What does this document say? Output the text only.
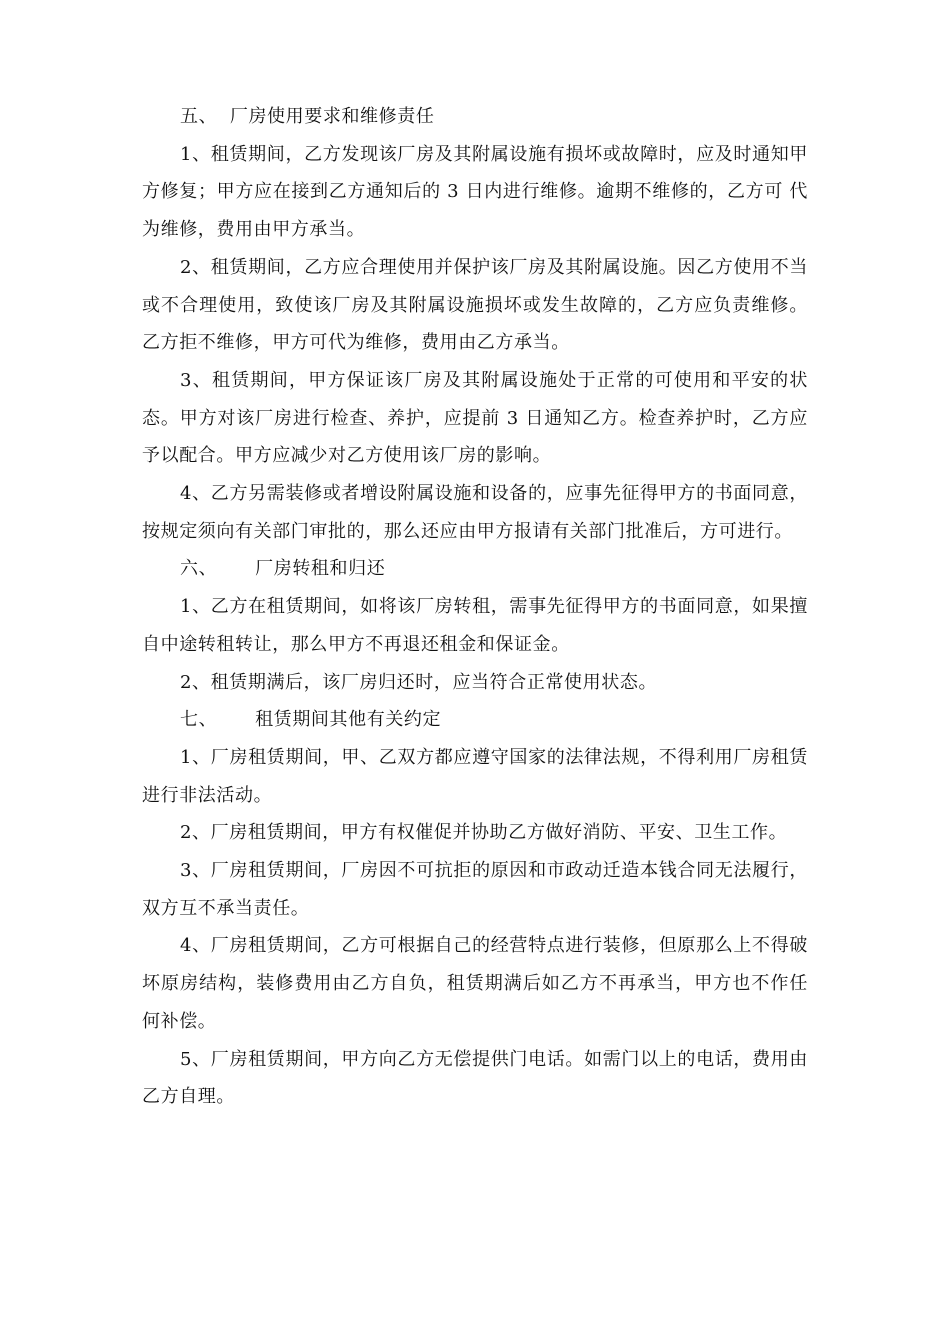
五、  厂房使用要求和维修责任

1、租赁期间，乙方发现该厂房及其附属设施有损坏或故障时，应及时通知甲方修复；甲方应在接到乙方通知后的 3 日内进行维修。逾期不维修的，乙方可 代为维修，费用由甲方承当。

2、租赁期间，乙方应合理使用并保护该厂房及其附属设施。因乙方使用不当或不合理使用，致使该厂房及其附属设施损坏或发生故障的，乙方应负责维修。乙方拒不维修，甲方可代为维修，费用由乙方承当。

3、租赁期间，甲方保证该厂房及其附属设施处于正常的可使用和平安的状态。甲方对该厂房进行检查、养护，应提前 3 日通知乙方。检查养护时，乙方应予以配合。甲方应减少对乙方使用该厂房的影响。

4、乙方另需装修或者增设附属设施和设备的，应事先征得甲方的书面同意，按规定须向有关部门审批的，那么还应由甲方报请有关部门批准后，方可进行。

六、      厂房转租和归还

1、乙方在租赁期间，如将该厂房转租，需事先征得甲方的书面同意，如果擅自中途转租转让，那么甲方不再退还租金和保证金。

2、租赁期满后，该厂房归还时，应当符合正常使用状态。

七、      租赁期间其他有关约定

1、厂房租赁期间，甲、乙双方都应遵守国家的法律法规，不得利用厂房租赁进行非法活动。

2、厂房租赁期间，甲方有权催促并协助乙方做好消防、平安、卫生工作。

3、厂房租赁期间，厂房因不可抗拒的原因和市政动迁造本钱合同无法履行，双方互不承当责任。

4、厂房租赁期间，乙方可根据自己的经营特点进行装修，但原那么上不得破坏原房结构，装修费用由乙方自负，租赁期满后如乙方不再承当，甲方也不作任何补偿。

5、厂房租赁期间，甲方向乙方无偿提供门电话。如需门以上的电话，费用由乙方自理。
